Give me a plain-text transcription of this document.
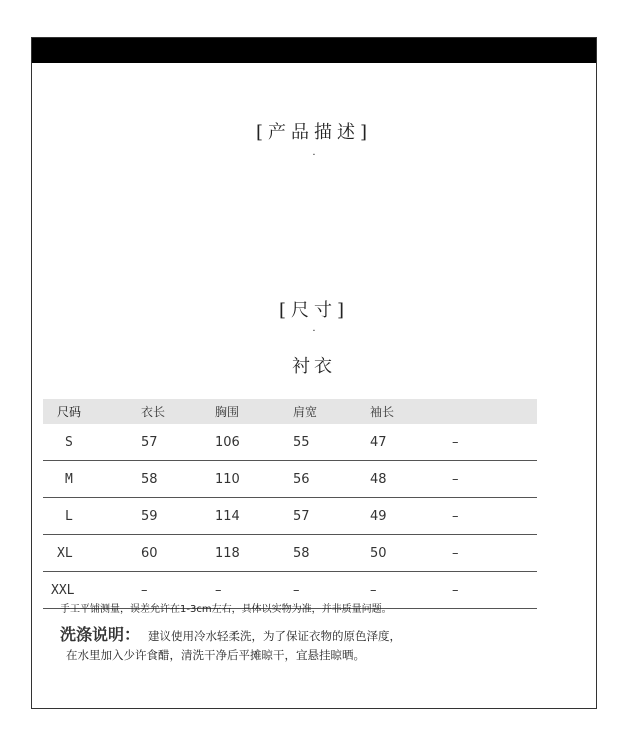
[产品描述]
·
[尺寸]
·
衬衣
尺码	衣长	胸围	肩宽	袖长	
S	57	106	55	47	–
M	58	110	56	48	–
L	59	114	57	49	–
XL	60	118	58	50	–
XXL	–	–	–	–	–
手工平铺测量，误差允许在1-3cm左右，具体以实物为准，并非质量问题。
洗涤说明： 建议使用冷水轻柔洗，为了保证衣物的原色泽度，
在水里加入少许食醋，清洗干净后平摊晾干，宜悬挂晾晒。
